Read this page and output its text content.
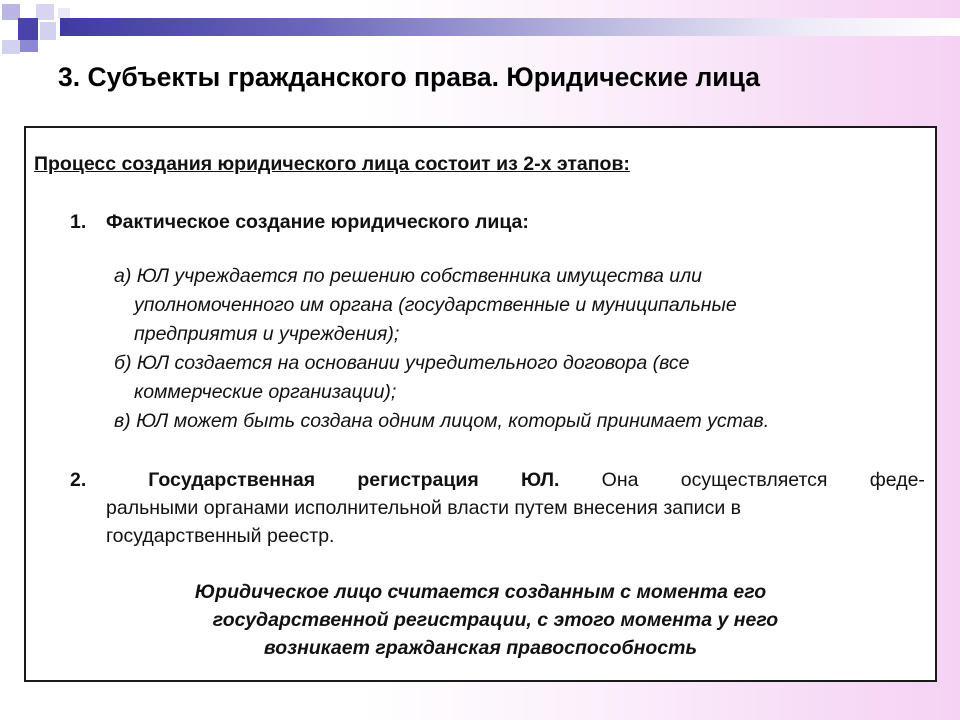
3. Субъекты гражданского права. Юридические лица
Процесс создания юридического лица состоит из 2-х этапов:
1. Фактическое создание юридического лица:
а) ЮЛ учреждается по решению собственника имущества или
уполномоченного им органа (государственные и муниципальные
предприятия и учреждения);
б) ЮЛ создается на основании учредительного договора (все
коммерческие организации);
в) ЮЛ может быть создана одним лицом, который принимает устав.
2.	Государственная регистрация ЮЛ. Она осуществляется феде-
ральными органами исполнительной власти путем внесения записи в
государственный реестр.
Юридическое лицо считается созданным с момента его
государственной регистрации, с этого момента у него
возникает гражданская правоспособность
